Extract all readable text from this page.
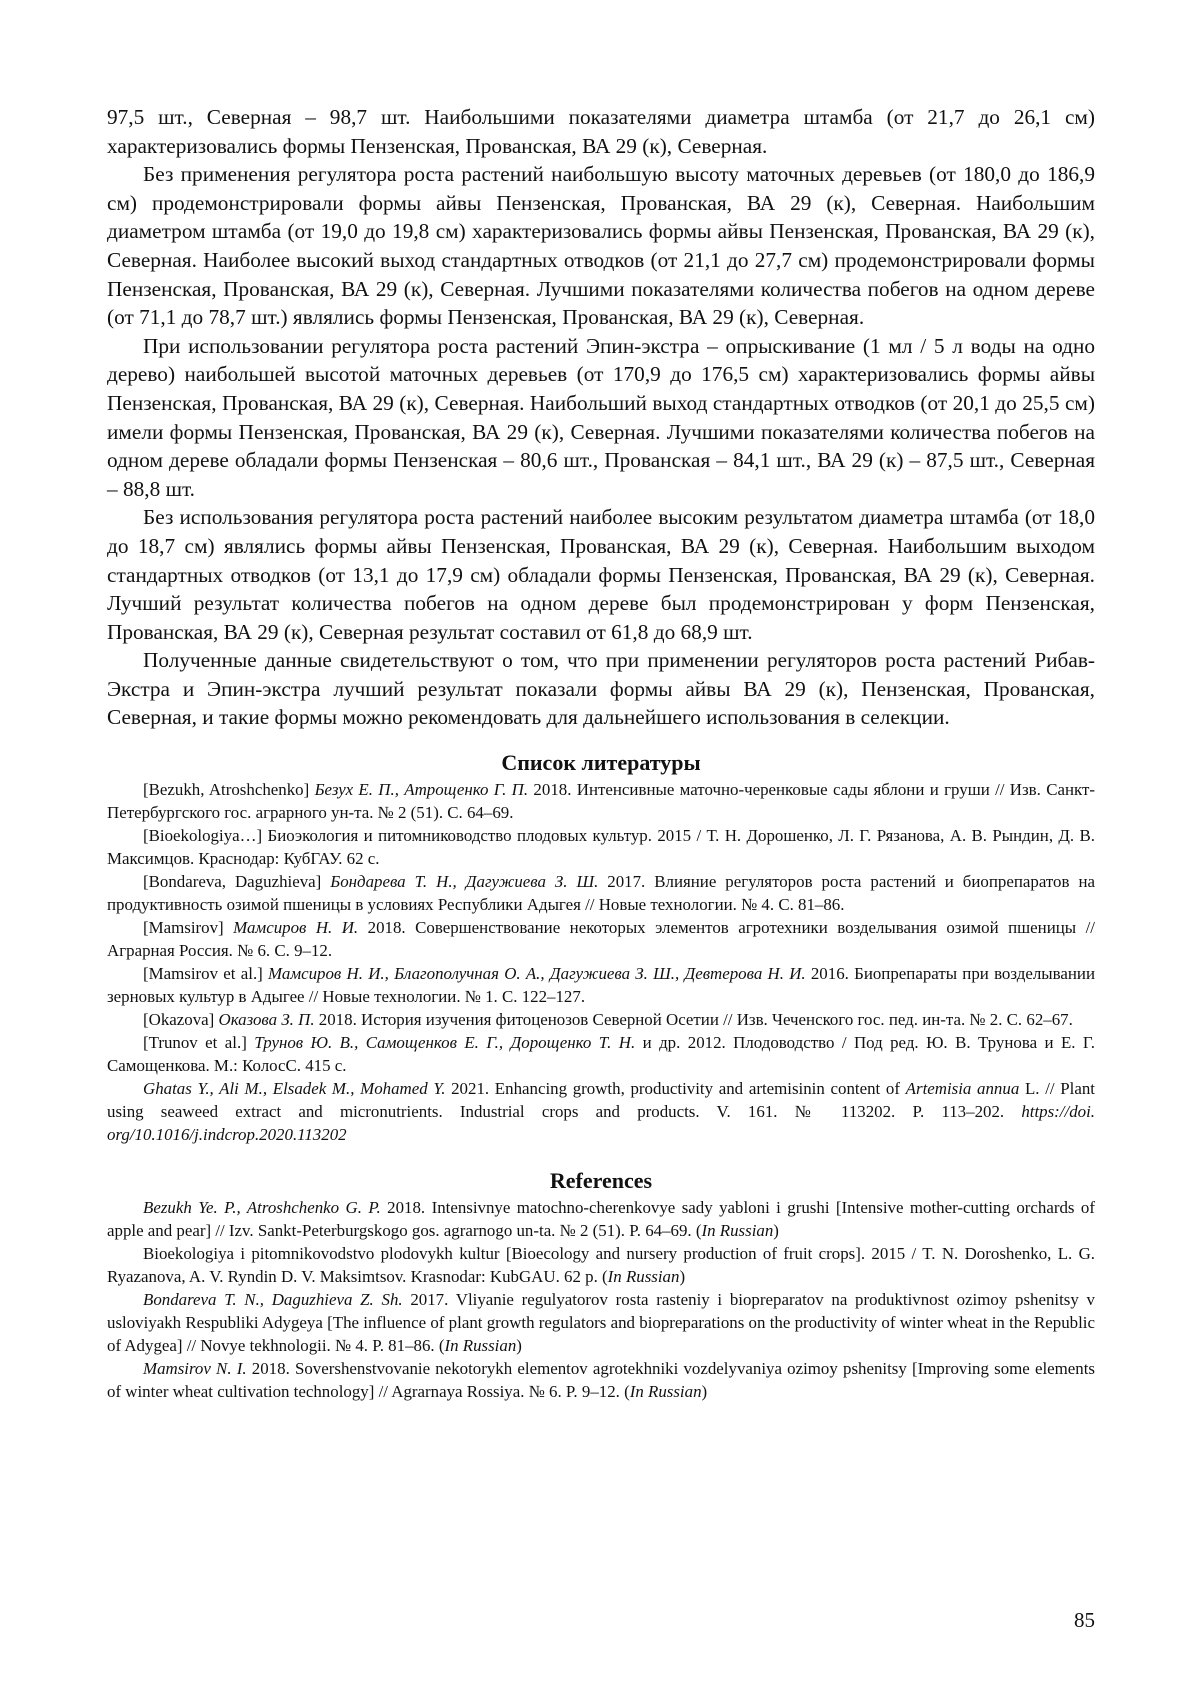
97,5 шт., Северная – 98,7 шт. Наибольшими показателями диаметра штамба (от 21,7 до 26,1 см) характеризовались формы Пензенская, Прованская, ВА 29 (к), Северная.

Без применения регулятора роста растений наибольшую высоту маточных деревьев (от 180,0 до 186,9 см) продемонстрировали формы айвы Пензенская, Прованская, ВА 29 (к), Северная. Наибольшим диаметром штамба (от 19,0 до 19,8 см) характеризовались формы айвы Пензенская, Прованская, ВА 29 (к), Северная. Наиболее высокий выход стандартных отводков (от 21,1 до 27,7 см) продемонстрировали формы Пензенская, Прованская, ВА 29 (к), Северная. Лучшими показателями количества побегов на одном дереве (от 71,1 до 78,7 шт.) являлись формы Пензенская, Прованская, ВА 29 (к), Северная.

При использовании регулятора роста растений Эпин-экстра – опрыскивание (1 мл / 5 л воды на одно дерево) наибольшей высотой маточных деревьев (от 170,9 до 176,5 см) характеризовались формы айвы Пензенская, Прованская, ВА 29 (к), Северная. Наибольший выход стандартных отводков (от 20,1 до 25,5 см) имели формы Пензенская, Прованская, ВА 29 (к), Северная. Лучшими показателями количества побегов на одном дереве обладали формы Пензенская – 80,6 шт., Прованская – 84,1 шт., ВА 29 (к) – 87,5 шт., Северная – 88,8 шт.

Без использования регулятора роста растений наиболее высоким результатом диаметра штамба (от 18,0 до 18,7 см) являлись формы айвы Пензенская, Прованская, ВА 29 (к), Северная. Наибольшим выходом стандартных отводков (от 13,1 до 17,9 см) обладали формы Пензенская, Прованская, ВА 29 (к), Северная. Лучший результат количества побегов на одном дереве был продемонстрирован у форм Пензенская, Прованская, ВА 29 (к), Северная результат составил от 61,8 до 68,9 шт.

Полученные данные свидетельствуют о том, что при применении регуляторов роста растений Рибав-Экстра и Эпин-экстра лучший результат показали формы айвы ВА 29 (к), Пензенская, Прованская, Северная, и такие формы можно рекомендовать для дальнейшего использования в селекции.

Список литературы

[Bezukh, Atroshchenko] Безух Е. П., Атрощенко Г. П. 2018. Интенсивные маточно-черенковые сады яблони и груши // Изв. Санкт-Петербургского гос. аграрного ун-та. № 2 (51). С. 64–69.

[Bioekologiya…] Биоэкология и питомниководство плодовых культур. 2015 / Т. Н. Дорошенко, Л. Г. Рязанова, А. В. Рындин, Д. В. Максимцов. Краснодар: КубГАУ. 62 с.

[Bondareva, Daguzhieva] Бондарева Т. Н., Дагужиева З. Ш. 2017. Влияние регуляторов роста растений и биопрепаратов на продуктивность озимой пшеницы в условиях Республики Адыгея // Новые технологии. № 4. С. 81–86.

[Mamsirov] Мамсиров Н. И. 2018. Совершенствование некоторых элементов агротехники возделывания озимой пшеницы // Аграрная Россия. № 6. С. 9–12.

[Mamsirov et al.] Мамсиров Н. И., Благополучная О. А., Дагужиева З. Ш., Девтерова Н. И. 2016. Биопрепараты при возделывании зерновых культур в Адыгее // Новые технологии. № 1. С. 122–127.

[Okazova] Оказова З. П. 2018. История изучения фитоценозов Северной Осетии // Изв. Чеченского гос. пед. ин-та. № 2. С. 62–67.

[Trunov et al.] Трунов Ю. В., Самощенков Е. Г., Дорощенко Т. Н. и др. 2012. Плодоводство / Под ред. Ю. В. Трунова и Е. Г. Самощенкова. М.: КолосС. 415 с.

Ghatas Y., Ali M., Elsadek M., Mohamed Y. 2021. Enhancing growth, productivity and artemisinin content of Artemisia annua L. // Plant using seaweed extract and micronutrients. Industrial crops and products. V. 161. № 113202. P. 113–202. https://doi. org/10.1016/j.indcrop.2020.113202

References

Bezukh Ye. P., Atroshchenko G. P. 2018. Intensivnye matochno-cherenkovye sady yabloni i grushi [Intensive mother-cutting orchards of apple and pear] // Izv. Sankt-Peterburgskogo gos. agrarnogo un-ta. № 2 (51). P. 64–69. (In Russian)

Bioekologiya i pitomnikovodstvo plodovykh kultur [Bioecology and nursery production of fruit crops]. 2015 / T. N. Doroshenko, L. G. Ryazanova, A. V. Ryndin D. V. Maksimtsov. Krasnodar: KubGAU. 62 p. (In Russian)

Bondareva T. N., Daguzhieva Z. Sh. 2017. Vliyanie regulyatorov rosta rasteniy i biopreparatov na produktivnost ozimoy pshenitsy v usloviyakh Respubliki Adygeya [The influence of plant growth regulators and biopreparations on the productivity of winter wheat in the Republic of Adygea] // Novye tekhnologii. № 4. P. 81–86. (In Russian)

Mamsirov N. I. 2018. Sovershenstvovanie nekotorykh elementov agrotekhniki vozdelyvaniya ozimoy pshenitsy [Improving some elements of winter wheat cultivation technology] // Agrarnaya Rossiya. № 6. P. 9–12. (In Russian)

85
